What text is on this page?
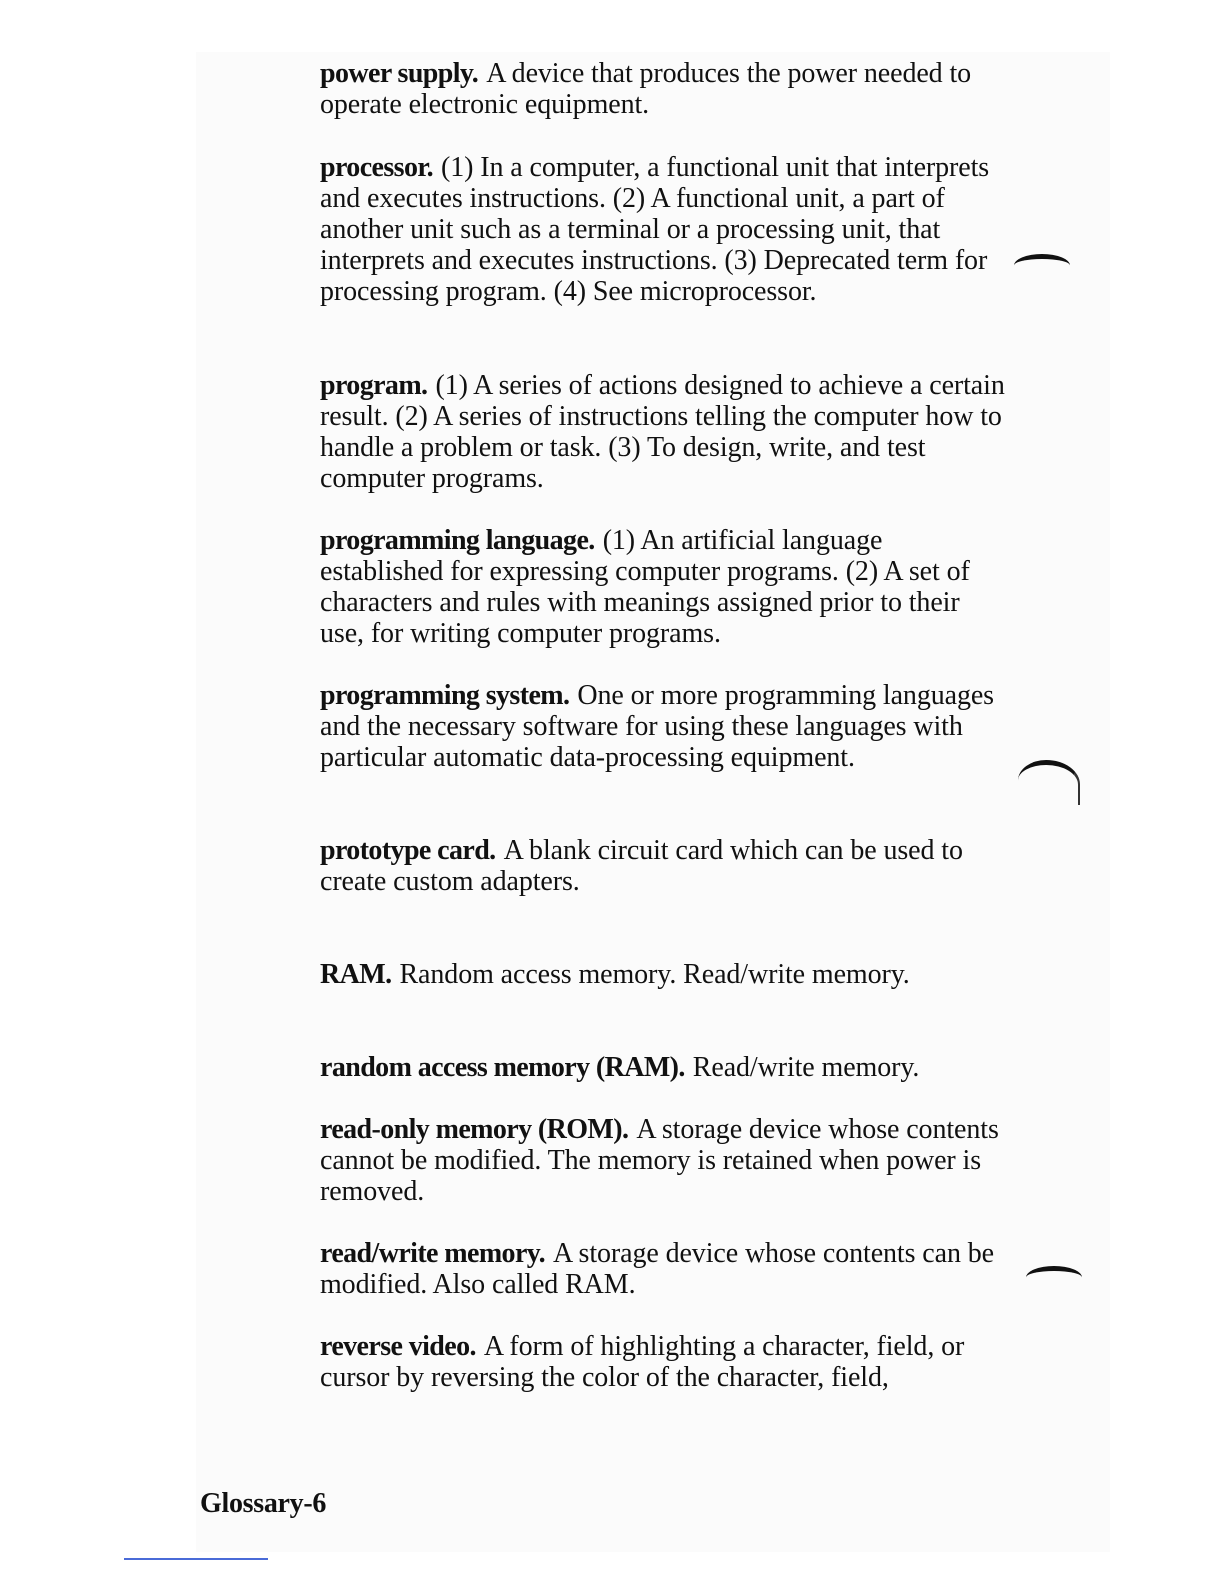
power supply. A device that produces the power needed to operate electronic equipment.
processor. (1) In a computer, a functional unit that interprets and executes instructions. (2) A functional unit, a part of another unit such as a terminal or a processing unit, that interprets and executes instructions. (3) Deprecated term for processing program. (4) See microprocessor.
program. (1) A series of actions designed to achieve a certain result. (2) A series of instructions telling the computer how to handle a problem or task. (3) To design, write, and test computer programs.
programming language. (1) An artificial language established for expressing computer programs. (2) A set of characters and rules with meanings assigned prior to their use, for writing computer programs.
programming system. One or more programming languages and the necessary software for using these languages with particular automatic data-processing equipment.
prototype card. A blank circuit card which can be used to create custom adapters.
RAM. Random access memory. Read/write memory.
random access memory (RAM). Read/write memory.
read-only memory (ROM). A storage device whose contents cannot be modified. The memory is retained when power is removed.
read/write memory. A storage device whose contents can be modified. Also called RAM.
reverse video. A form of highlighting a character, field, or cursor by reversing the color of the character, field,
Glossary-6
